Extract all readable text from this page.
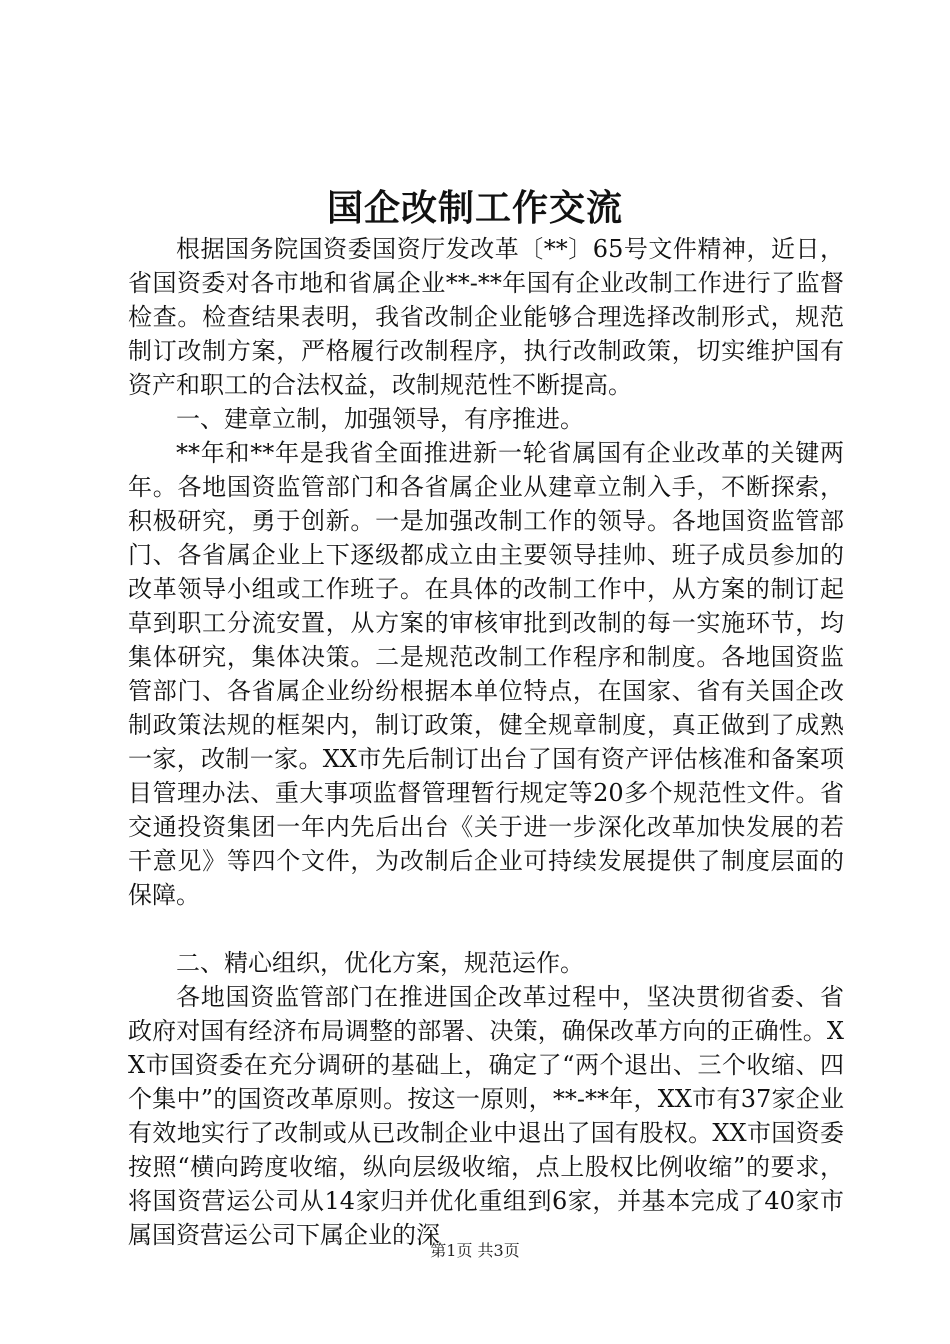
国企改制工作交流

根据国务院国资委国资厅发改革〔**〕65号文件精神，近日，省国资委对各市地和省属企业**-**年国有企业改制工作进行了监督检查。检查结果表明，我省改制企业能够合理选择改制形式，规范制订改制方案，严格履行改制程序，执行改制政策，切实维护国有资产和职工的合法权益，改制规范性不断提高。

一、建章立制，加强领导，有序推进。

**年和**年是我省全面推进新一轮省属国有企业改革的关键两年。各地国资监管部门和各省属企业从建章立制入手，不断探索，积极研究，勇于创新。一是加强改制工作的领导。各地国资监管部门、各省属企业上下逐级都成立由主要领导挂帅、班子成员参加的改革领导小组或工作班子。在具体的改制工作中，从方案的制订起草到职工分流安置，从方案的审核审批到改制的每一实施环节，均集体研究，集体决策。二是规范改制工作程序和制度。各地国资监管部门、各省属企业纷纷根据本单位特点，在国家、省有关国企改制政策法规的框架内，制订政策，健全规章制度，真正做到了成熟一家，改制一家。XX市先后制订出台了国有资产评估核准和备案项目管理办法、重大事项监督管理暂行规定等20多个规范性文件。省交通投资集团一年内先后出台《关于进一步深化改革加快发展的若干意见》等四个文件，为改制后企业可持续发展提供了制度层面的保障。

二、精心组织，优化方案，规范运作。

各地国资监管部门在推进国企改革过程中，坚决贯彻省委、省政府对国有经济布局调整的部署、决策，确保改革方向的正确性。XX市国资委在充分调研的基础上，确定了“两个退出、三个收缩、四个集中”的国资改革原则。按这一原则，**-**年，XX市有37家企业有效地实行了改制或从已改制企业中退出了国有股权。XX市国资委按照“横向跨度收缩，纵向层级收缩，点上股权比例收缩”的要求，将国资营运公司从14家归并优化重组到6家，并基本完成了40家市属国资营运公司下属企业的深

第1页 共3页
